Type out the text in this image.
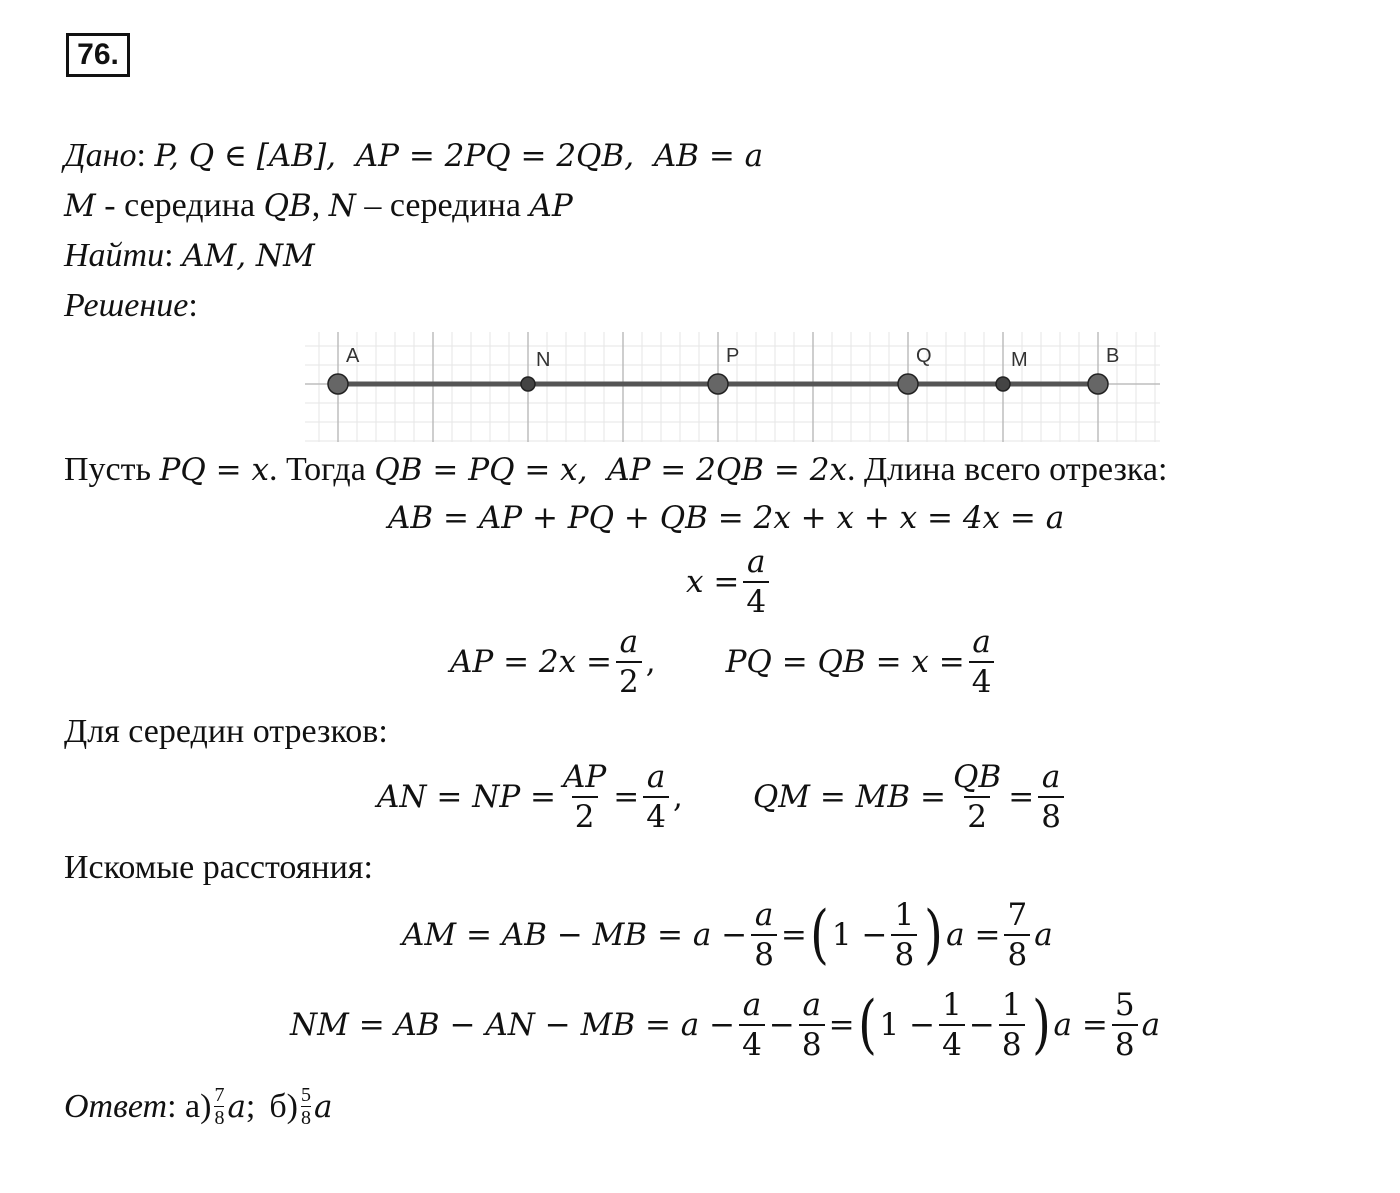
76.
Дано: P, Q ∈ [AB],  AP = 2PQ = 2QB,  AB = a
M - середина QB, N – середина AP
Найти: AM, NM
Решение:
A	N	P	Q	M	B
Пусть PQ = x. Тогда QB = PQ = x,  AP = 2QB = 2x. Длина всего отрезка:
AB = AP + PQ + QB = 2x + x + x = 4x = a
$x = \frac{a}{4}$
AP = $2x = \frac{a}{2}$ , PQ = QB = $x = \frac{a}{4}$
Для середин отрезков:
AN = NP = $\frac{AP}{2} = \frac{a}{4}$ , QM = MB = $\frac{QB}{2} = \frac{a}{8}$
Искомые расстояния:
AM = AB − MB = $a - \frac{a}{8}$ = ( $1 - \frac{1}{8}$ ) $a = \frac{7}{8}$ a
NM = AB − AN − MB = $a - \frac{a}{4} - \frac{a}{8}$ = ( $1 - \frac{1}{4} - \frac{1}{8}$ ) $a = \frac{5}{8}$ a
Ответ : $а) \frac{7}{8}$ a ; $б) \frac{5}{8}$ a
